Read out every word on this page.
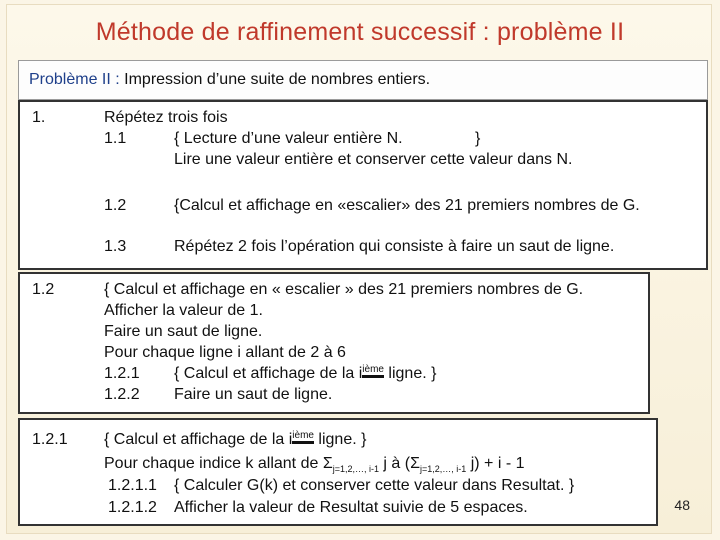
Méthode de raffinement successif : problème II
Problème II : Impression d’une suite de nombres entiers.
1.	Répétez trois fois
1.1	{ Lecture d’une valeur entière N.	}
Lire une valeur entière et conserver cette valeur dans N.
1.2	{Calcul et affichage en «escalier» des 21 premiers nombres de G.
1.3	Répétez 2 fois l’opération qui consiste à faire un saut de ligne.
1.2	{ Calcul et affichage en « escalier » des 21 premiers nombres de G.
Afficher la valeur de 1.
Faire un saut de ligne.
Pour chaque ligne i allant de 2 à 6
1.2.1 { Calcul et affichage de la $i^{ième}$ ligne. }
1.2.2 Faire un saut de ligne.
1.2.1 { Calcul et affichage de la $i^{ième}$ ligne. }
Pour chaque indice k allant de $\Sigma_{j=1,2,\dots, i-1}$ j à ($\Sigma_{j=1,2,\dots, i-1}$ j) + i - 1
1.2.1.1 { Calculer G(k) et conserver cette valeur dans Resultat. }
1.2.1.2 Afficher la valeur de Resultat suivie de 5 espaces.	48
